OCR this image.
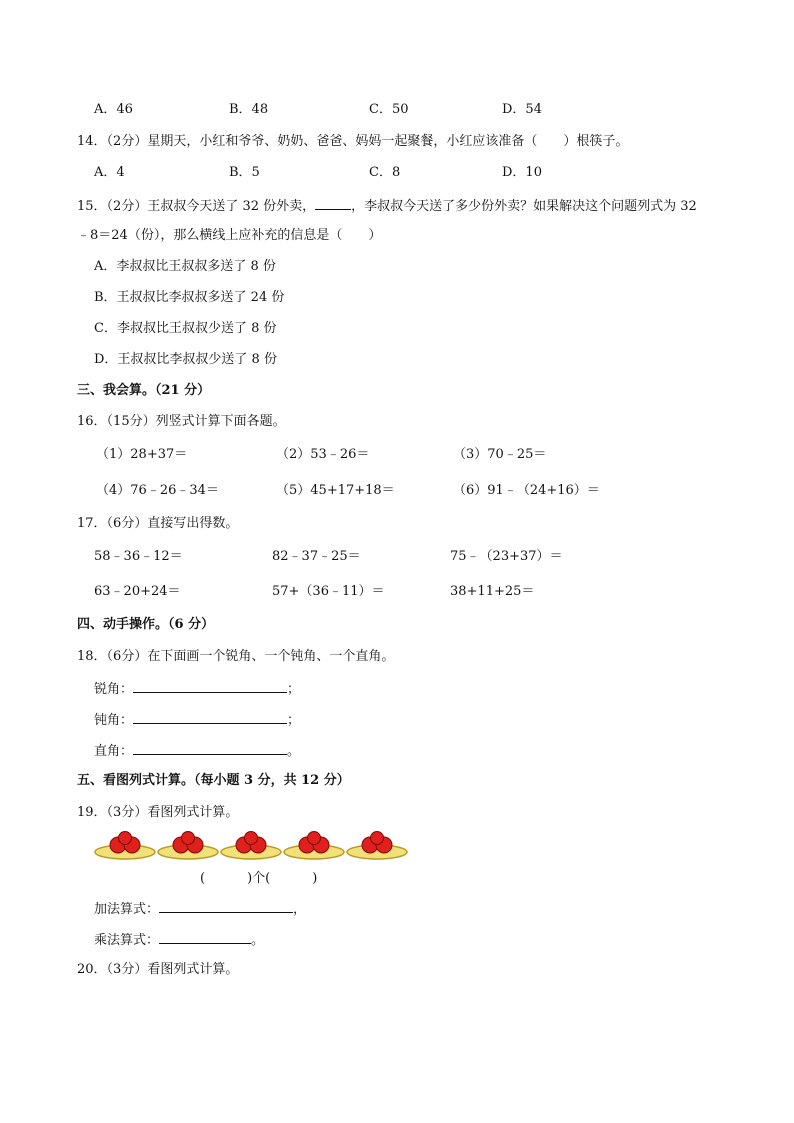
A．46	B．48	C．50	D．54
14．（2分）星期天，小红和爷爷、奶奶、爸爸、妈妈一起聚餐，小红应该准备（　　）根筷子。
A．4	B．5	C．8	D．10
15．（2分）王叔叔今天送了 32 份外卖，	，李叔叔今天送了多少份外卖？如果解决这个问题列式为 32
﹣8＝24（份），那么横线上应补充的信息是（　　）
A．李叔叔比王叔叔多送了 8 份
B．王叔叔比李叔叔多送了 24 份
C．李叔叔比王叔叔少送了 8 份
D．王叔叔比李叔叔少送了 8 份
三、我会算。（21 分）
16．（15分）列竖式计算下面各题。
（1）28+37＝	（2）53﹣26＝	（3）70﹣25＝
（4）76﹣26﹣34＝	（5）45+17+18＝	（6）91﹣（24+16）＝
17．（6分）直接写出得数。
58﹣36﹣12＝	82﹣37﹣25＝	75﹣（23+37）＝
63﹣20+24＝	57+（36﹣11）＝	38+11+25＝
四、动手操作。（6 分）
18．（6分）在下面画一个锐角、一个钝角、一个直角。
锐角：	；
钝角：	；
直角：	。
五、看图列式计算。（每小题 3 分，共 12 分）
19．（3分）看图列式计算。
(	)个(	)
加法算式：	，
乘法算式：	。
20．（3分）看图列式计算。
